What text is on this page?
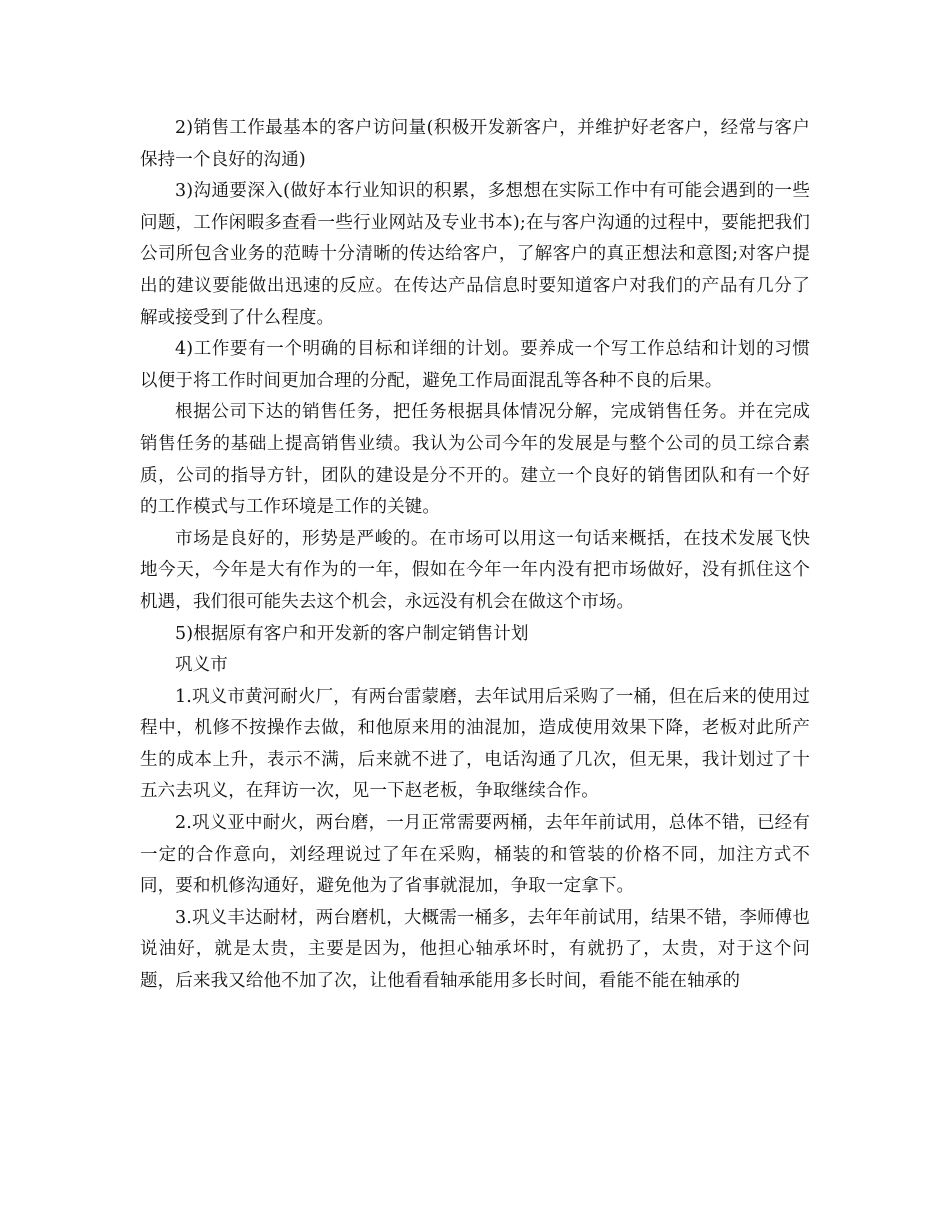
2)销售工作最基本的客户访问量(积极开发新客户，并维护好老客户，经常与客户保持一个良好的沟通)

3)沟通要深入(做好本行业知识的积累，多想想在实际工作中有可能会遇到的一些问题，工作闲暇多查看一些行业网站及专业书本);在与客户沟通的过程中，要能把我们公司所包含业务的范畴十分清晰的传达给客户，了解客户的真正想法和意图;对客户提出的建议要能做出迅速的反应。在传达产品信息时要知道客户对我们的产品有几分了解或接受到了什么程度。

4)工作要有一个明确的目标和详细的计划。要养成一个写工作总结和计划的习惯以便于将工作时间更加合理的分配，避免工作局面混乱等各种不良的后果。

根据公司下达的销售任务，把任务根据具体情况分解，完成销售任务。并在完成销售任务的基础上提高销售业绩。我认为公司今年的发展是与整个公司的员工综合素质，公司的指导方针，团队的建设是分不开的。建立一个良好的销售团队和有一个好的工作模式与工作环境是工作的关键。

市场是良好的，形势是严峻的。在市场可以用这一句话来概括，在技术发展飞快地今天，今年是大有作为的一年，假如在今年一年内没有把市场做好，没有抓住这个机遇，我们很可能失去这个机会，永远没有机会在做这个市场。

5)根据原有客户和开发新的客户制定销售计划

巩义市

1.巩义市黄河耐火厂，有两台雷蒙磨，去年试用后采购了一桶，但在后来的使用过程中，机修不按操作去做，和他原来用的油混加，造成使用效果下降，老板对此所产生的成本上升，表示不满，后来就不进了，电话沟通了几次，但无果，我计划过了十五六去巩义，在拜访一次，见一下赵老板，争取继续合作。

2.巩义亚中耐火，两台磨，一月正常需要两桶，去年年前试用，总体不错，已经有一定的合作意向，刘经理说过了年在采购，桶装的和管装的价格不同，加注方式不同，要和机修沟通好，避免他为了省事就混加，争取一定拿下。

3.巩义丰达耐材，两台磨机，大概需一桶多，去年年前试用，结果不错，李师傅也说油好，就是太贵，主要是因为，他担心轴承坏时，有就扔了，太贵，对于这个问题，后来我又给他不加了次，让他看看轴承能用多长时间，看能不能在轴承的
